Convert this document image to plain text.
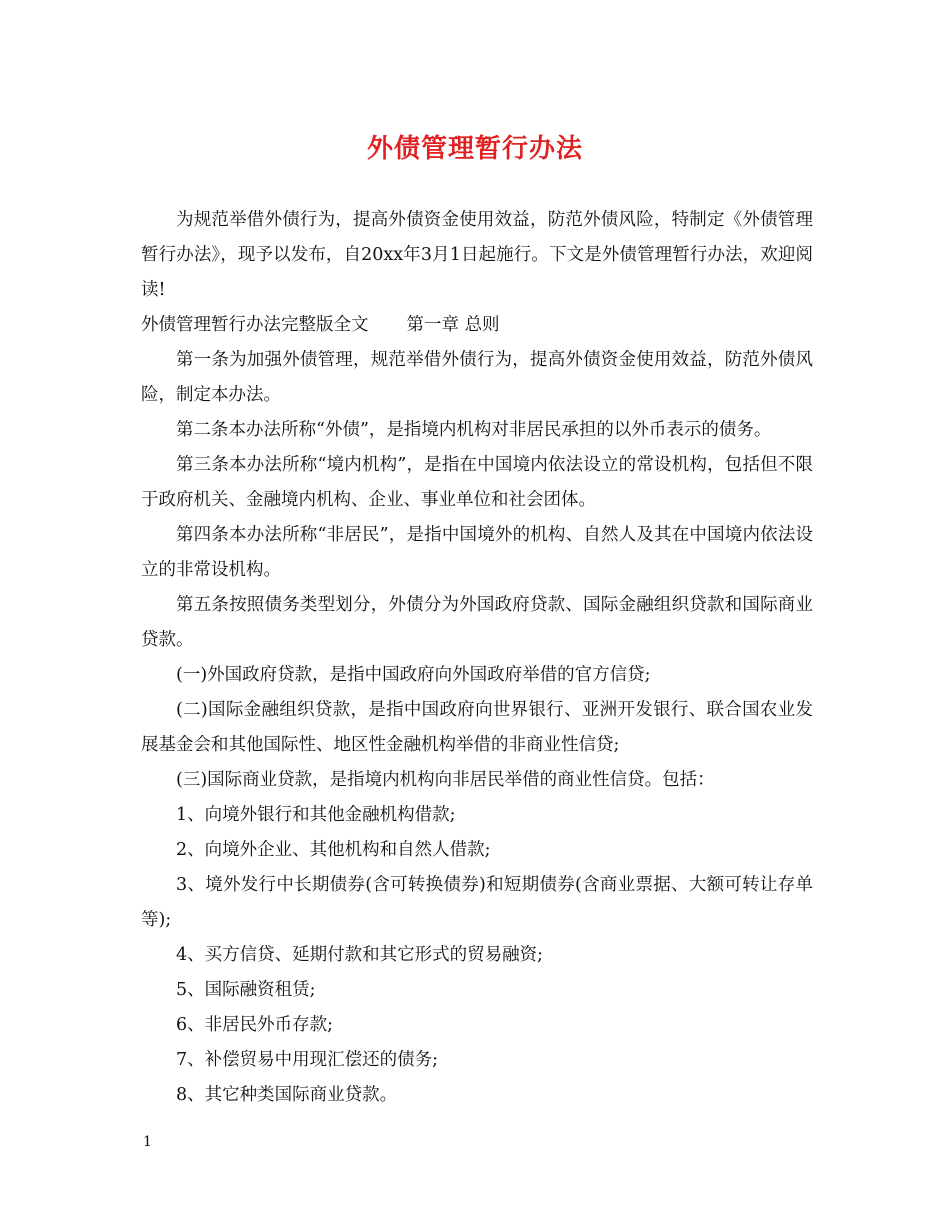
外债管理暂行办法

为规范举借外债行为，提高外债资金使用效益，防范外债风险，特制定《外债管理暂行办法》，现予以发布，自20xx年3月1日起施行。下文是外债管理暂行办法，欢迎阅读!

外债管理暂行办法完整版全文 第一章 总则

第一条为加强外债管理，规范举借外债行为，提高外债资金使用效益，防范外债风险，制定本办法。

第二条本办法所称“外债”，是指境内机构对非居民承担的以外币表示的债务。

第三条本办法所称“境内机构”，是指在中国境内依法设立的常设机构，包括但不限于政府机关、金融境内机构、企业、事业单位和社会团体。

第四条本办法所称“非居民”，是指中国境外的机构、自然人及其在中国境内依法设立的非常设机构。

第五条按照债务类型划分，外债分为外国政府贷款、国际金融组织贷款和国际商业贷款。

(一)外国政府贷款，是指中国政府向外国政府举借的官方信贷;

(二)国际金融组织贷款，是指中国政府向世界银行、亚洲开发银行、联合国农业发展基金会和其他国际性、地区性金融机构举借的非商业性信贷;

(三)国际商业贷款，是指境内机构向非居民举借的商业性信贷。包括：

1、向境外银行和其他金融机构借款;

2、向境外企业、其他机构和自然人借款;

3、境外发行中长期债券(含可转换债券)和短期债券(含商业票据、大额可转让存单等);

4、买方信贷、延期付款和其它形式的贸易融资;

5、国际融资租赁;

6、非居民外币存款;

7、补偿贸易中用现汇偿还的债务;

8、其它种类国际商业贷款。

1
